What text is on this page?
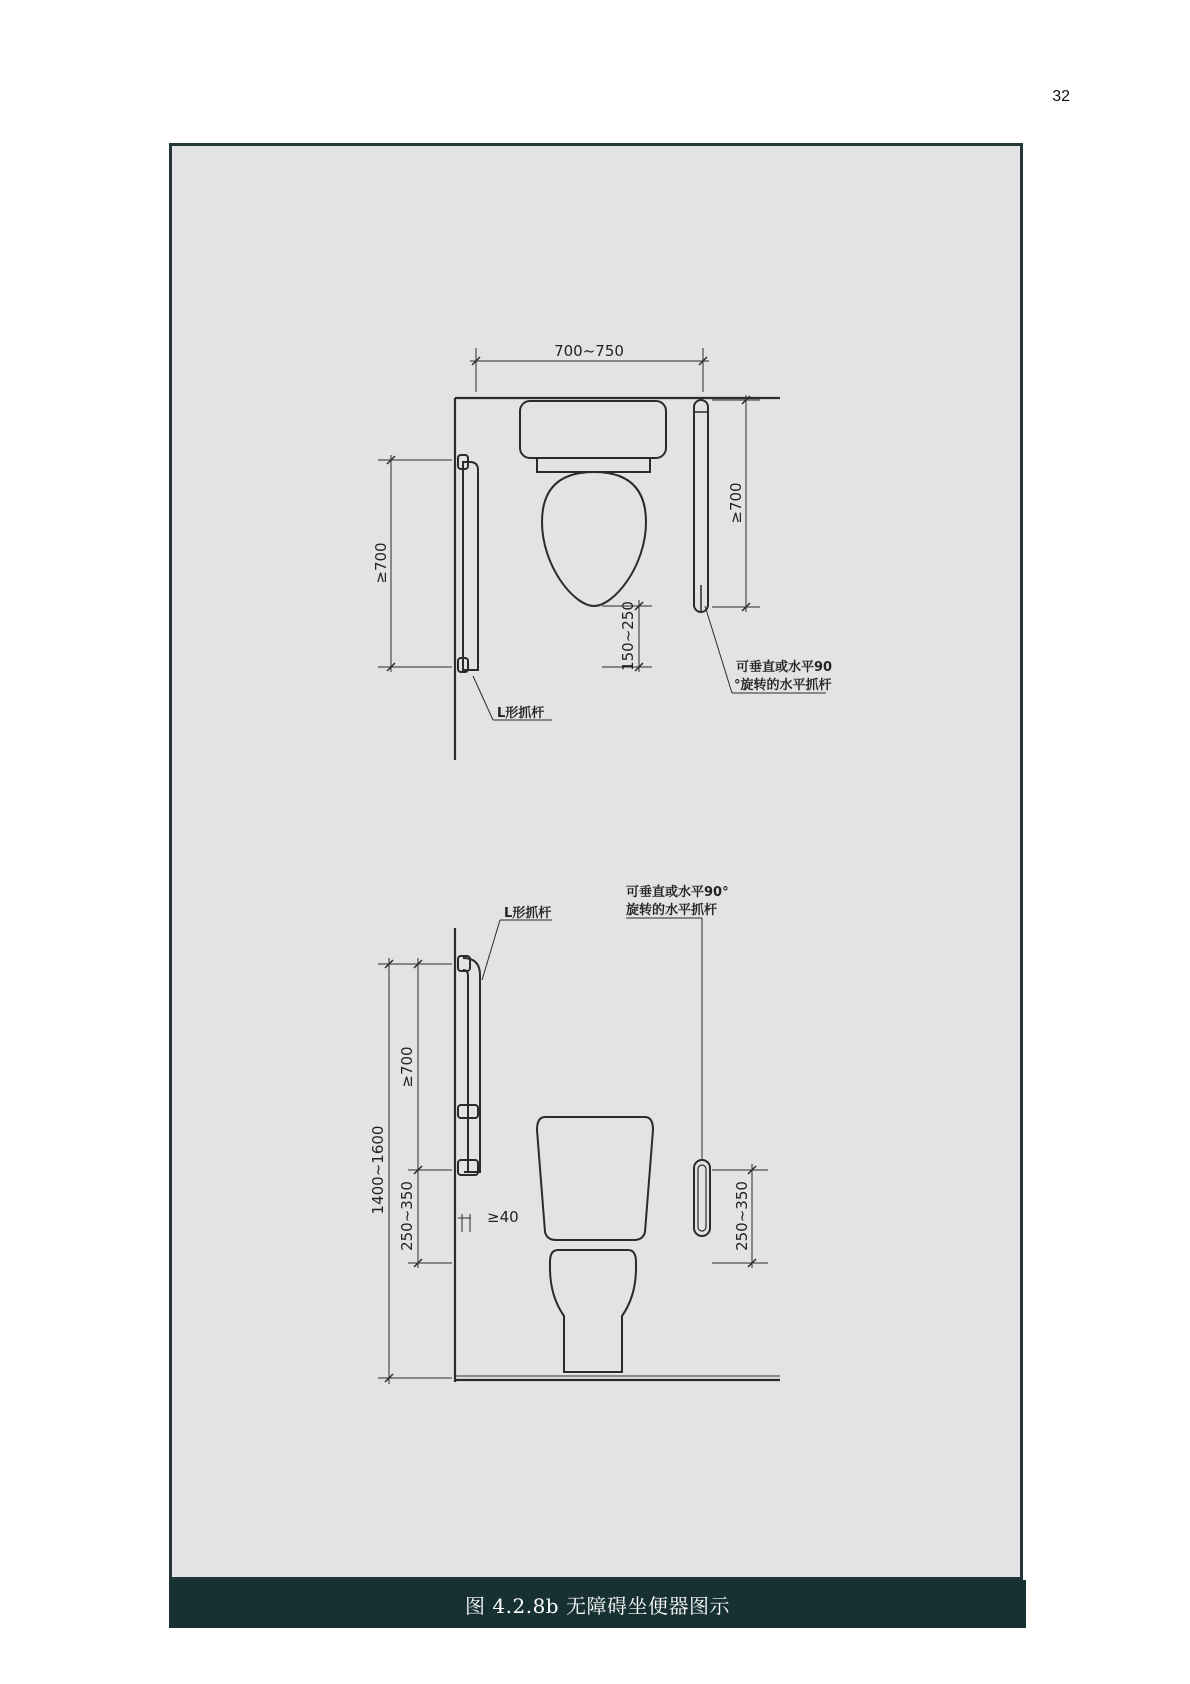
32
700~750
≥700
L形抓杆
≥700
可垂直或水平90
°旋转的水平抓杆
150~250
L形抓杆
1400~1600
≥700
250~350	≥40
可垂直或水平90°
旋转的水平抓杆
250~350
图 4.2.8b 无障碍坐便器图示
